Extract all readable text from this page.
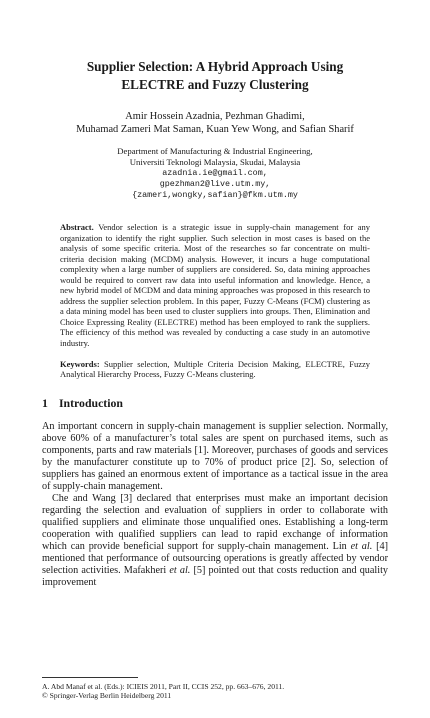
Supplier Selection: A Hybrid Approach Using
ELECTRE and Fuzzy Clustering
Amir Hossein Azadnia, Pezhman Ghadimi,
Muhamad Zameri Mat Saman, Kuan Yew Wong, and Safian Sharif
Department of Manufacturing & Industrial Engineering,
Universiti Teknologi Malaysia, Skudai, Malaysia
azadnia.ie@gmail.com,
gpezhman2@live.utm.my,
{zameri,wongky,safian}@fkm.utm.my
Abstract. Vendor selection is a strategic issue in supply-chain management for any organization to identify the right supplier. Such selection in most cases is based on the analysis of some specific criteria. Most of the researches so far concentrate on multi-criteria decision making (MCDM) analysis. However, it incurs a huge computational complexity when a large number of suppliers are considered. So, data mining approaches would be required to convert raw data into useful information and knowledge. Hence, a new hybrid model of MCDM and data mining approaches was proposed in this research to address the supplier selection problem. In this paper, Fuzzy C-Means (FCM) clustering as a data mining model has been used to cluster suppliers into groups. Then, Elimination and Choice Expressing Reality (ELECTRE) method has been employed to rank the suppliers. The efficiency of this method was revealed by conducting a case study in an automotive industry.
Keywords: Supplier selection, Multiple Criteria Decision Making, ELECTRE, Fuzzy Analytical Hierarchy Process, Fuzzy C-Means clustering.
1 Introduction

An important concern in supply-chain management is supplier selection. Normally, above 60% of a manufacturer’s total sales are spent on purchased items, such as components, parts and raw materials [1]. Moreover, purchases of goods and services by the manufacturer constitute up to 70% of product price [2]. So, selection of suppliers has gained an enormous extent of importance as a tactical issue in the area of supply-chain management.

Che and Wang [3] declared that enterprises must make an important decision regarding the selection and evaluation of suppliers in order to collaborate with qualified suppliers and eliminate those unqualified ones. Establishing a long-term cooperation with qualified suppliers can lead to rapid exchange of information which can provide beneficial support for supply-chain management. Lin et al. [4] mentioned that performance of outsourcing operations is greatly affected by vendor selection activities. Mafakheri et al. [5] pointed out that costs reduction and quality improvement

A. Abd Manaf et al. (Eds.): ICIEIS 2011, Part II, CCIS 252, pp. 663–676, 2011.
© Springer-Verlag Berlin Heidelberg 2011
